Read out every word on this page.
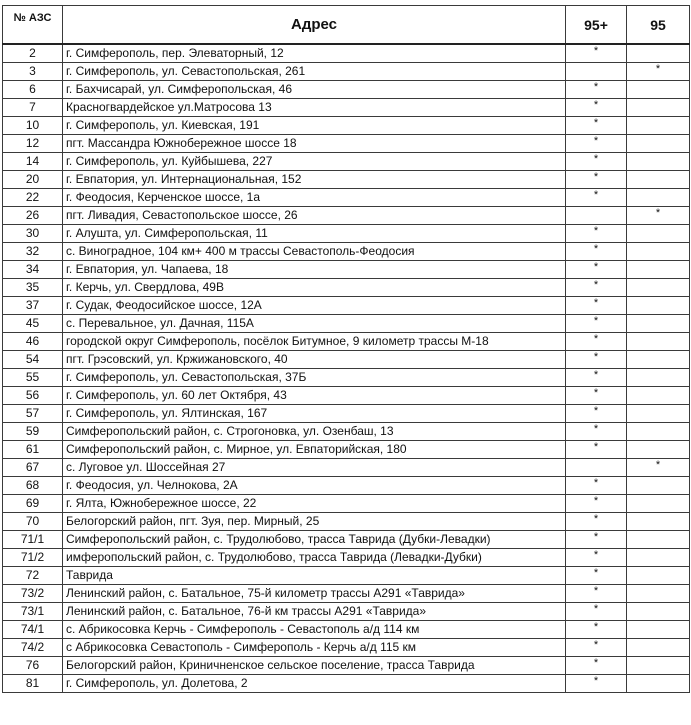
№ АЗС	Адрес	95+	95
2	г. Симферополь, пер. Элеваторный, 12	*	
3	г. Симферополь, ул. Севастопольская, 261		*
6	г. Бахчисарай, ул. Симферопольская, 46	*	
7	Красногвардейское ул.Матросова 13	*	
10	г. Симферополь, ул. Киевская, 191	*	
12	пгт. Массандра Южнобережное шоссе 18	*	
14	г. Симферополь, ул. Куйбышева, 227	*	
20	г. Евпатория, ул. Интернациональная, 152	*	
22	г. Феодосия, Керченское шоссе, 1а	*	
26	пгт. Ливадия, Севастопольское шоссе, 26		*
30	г. Алушта, ул. Симферопольская, 11	*	
32	с. Виноградное, 104 км+ 400 м трассы Севастополь-Феодосия	*	
34	г. Евпатория, ул. Чапаева, 18	*	
35	г. Керчь, ул. Свердлова, 49В	*	
37	г. Судак, Феодосийское шоссе, 12А	*	
45	с. Перевальное, ул. Дачная, 115А	*	
46	городской округ Симферополь, посёлок Битумное, 9 километр трассы М-18	*	
54	пгт. Грэсовский, ул. Кржижановского, 40	*	
55	г. Симферополь, ул. Севастопольская, 37Б	*	
56	г. Симферополь, ул. 60 лет Октября, 43	*	
57	г. Симферополь, ул. Ялтинская, 167	*	
59	Симферопольский район, с. Строгоновка, ул. Озенбаш, 13	*	
61	Симферопольский район, с. Мирное, ул. Евпаторийская, 180	*	
67	с. Луговое ул. Шоссейная 27		*
68	г. Феодосия, ул. Челнокова, 2А	*	
69	г. Ялта, Южнобережное шоссе, 22	*	
70	Белогорский район, пгт. Зуя, пер. Мирный, 25	*	
71/1	Симферопольский район, с. Трудолюбово, трасса Таврида (Дубки-Левадки)	*	
71/2	имферопольский район, с. Трудолюбово, трасса Таврида (Левадки-Дубки)	*	
72	Таврида	*	
73/2	Ленинский район, с. Батальное, 75-й километр трассы А291 «Таврида»	*	
73/1	Ленинский район, с. Батальное, 76-й км трассы А291 «Таврида»	*	
74/1	с. Абрикосовка Керчь - Симферополь - Севастополь а/д 114 км	*	
74/2	с Абрикосовка Севастополь - Симферополь - Керчь а/д 115 км	*	
76	Белогорский район, Криничненское сельское поселение, трасса Таврида	*	
81	г. Симферополь, ул. Долетова, 2	*	
